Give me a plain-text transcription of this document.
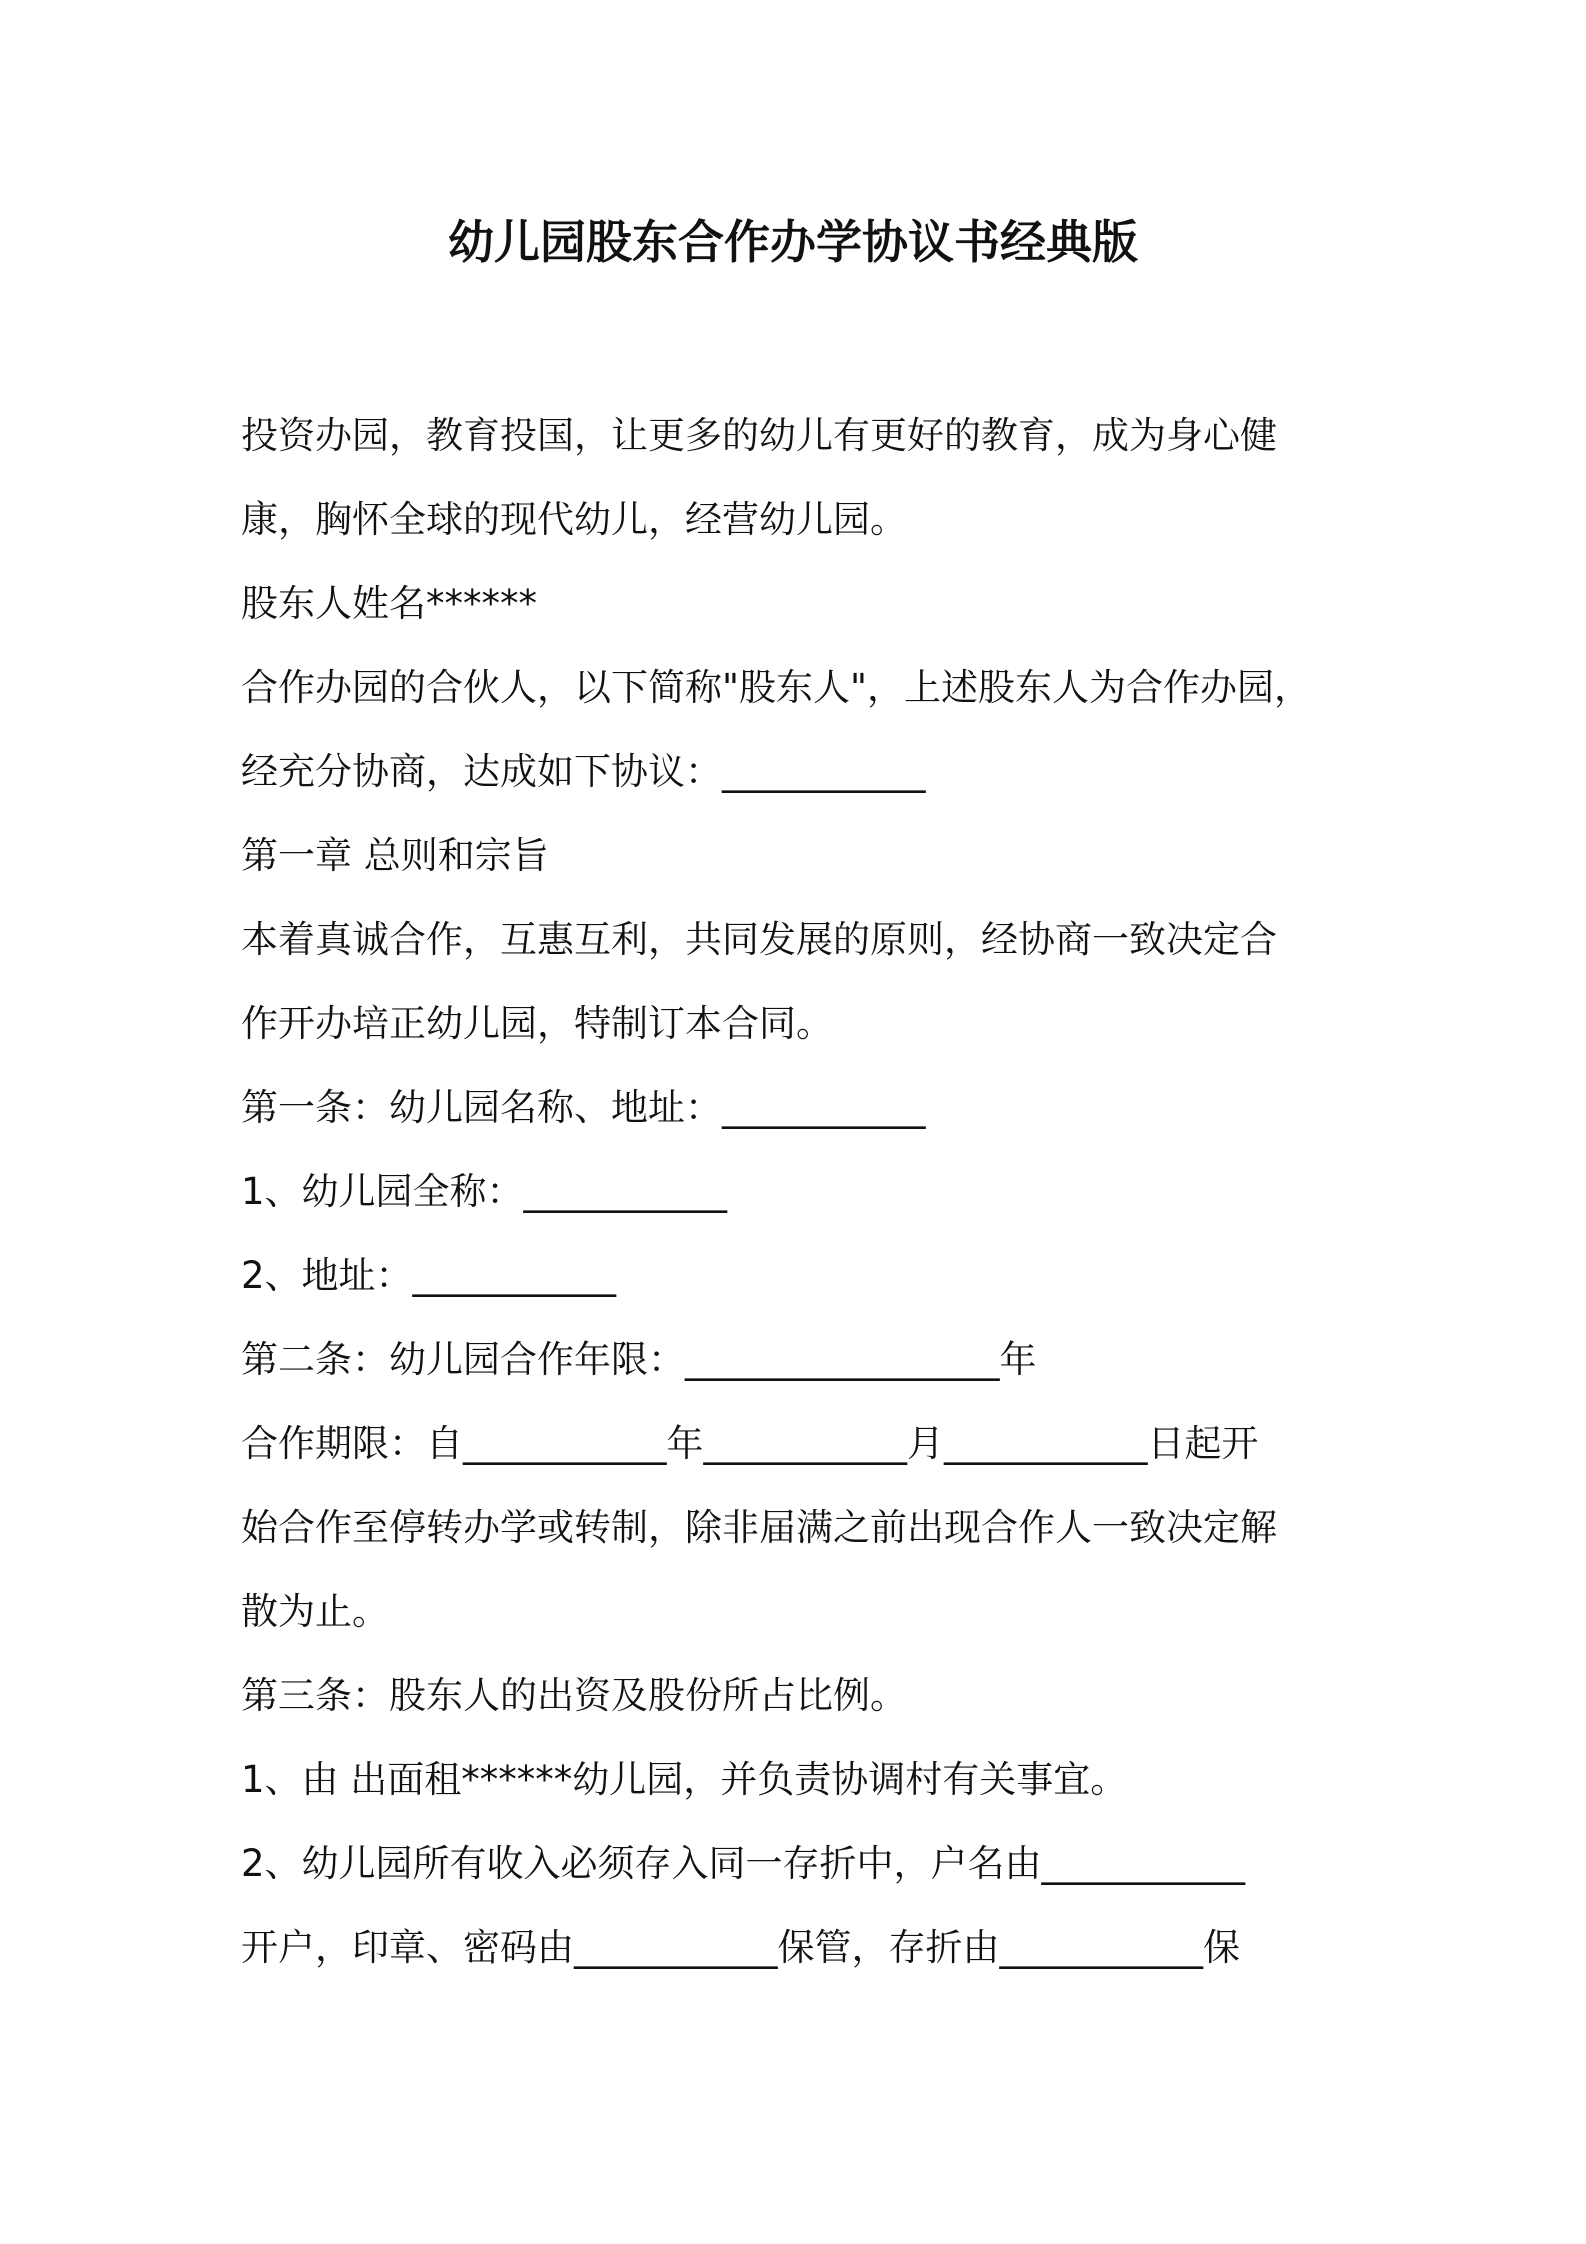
幼儿园股东合作办学协议书经典版
投资办园，教育投国，让更多的幼儿有更好的教育，成为身心健
康，胸怀全球的现代幼儿，经营幼儿园。
股东人姓名******
合作办园的合伙人，以下简称"股东人"，上述股东人为合作办园，
经充分协商，达成如下协议：___________
第一章 总则和宗旨
本着真诚合作，互惠互利，共同发展的原则，经协商一致决定合
作开办培正幼儿园，特制订本合同。
第一条：幼儿园名称、地址：___________
1、幼儿园全称：___________
2、地址：___________
第二条：幼儿园合作年限：_________________年
合作期限：自___________年___________月___________日起开
始合作至停转办学或转制，除非届满之前出现合作人一致决定解
散为止。
第三条：股东人的出资及股份所占比例。
1、由 出面租******幼儿园，并负责协调村有关事宜。
2、幼儿园所有收入必须存入同一存折中，户名由___________
开户，印章、密码由___________保管，存折由___________保
